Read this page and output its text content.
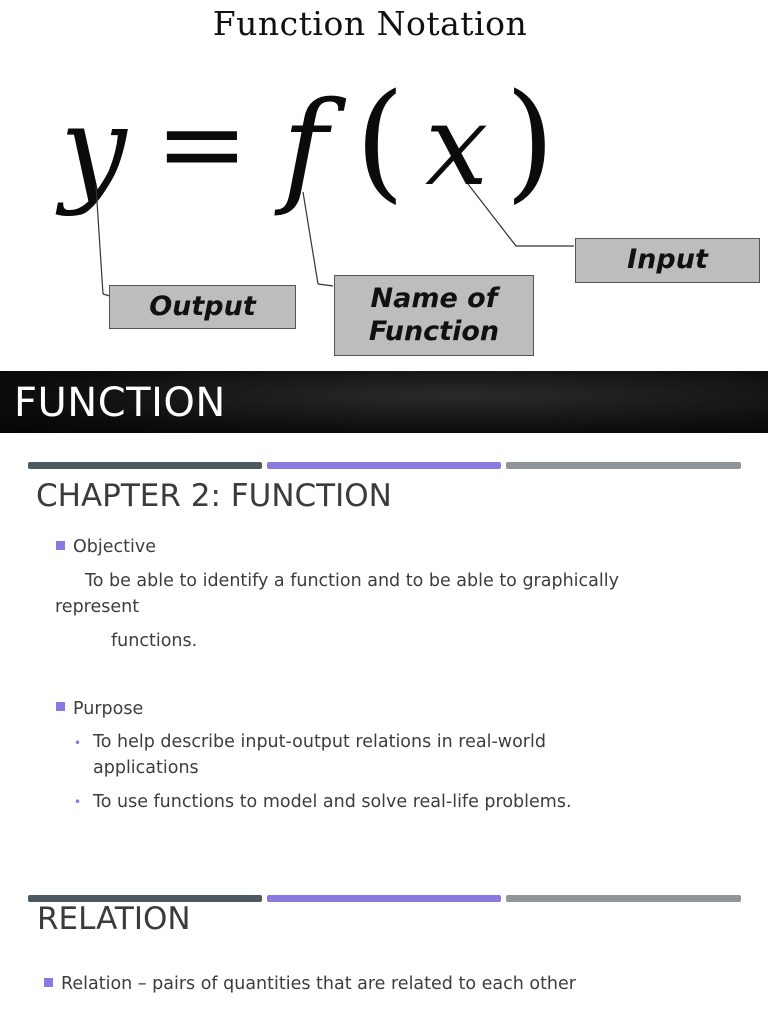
Function Notation
y = f ( x )
Output	Name of
Function
Input
FUNCTION
CHAPTER 2: FUNCTION
Objective
To be able to identify a function and to be able to graphically
represent
functions.
Purpose
• To help describe input-output relations in real-world
applications
• To use functions to model and solve real-life problems.
RELATION
Relation – pairs of quantities that are related to each other
